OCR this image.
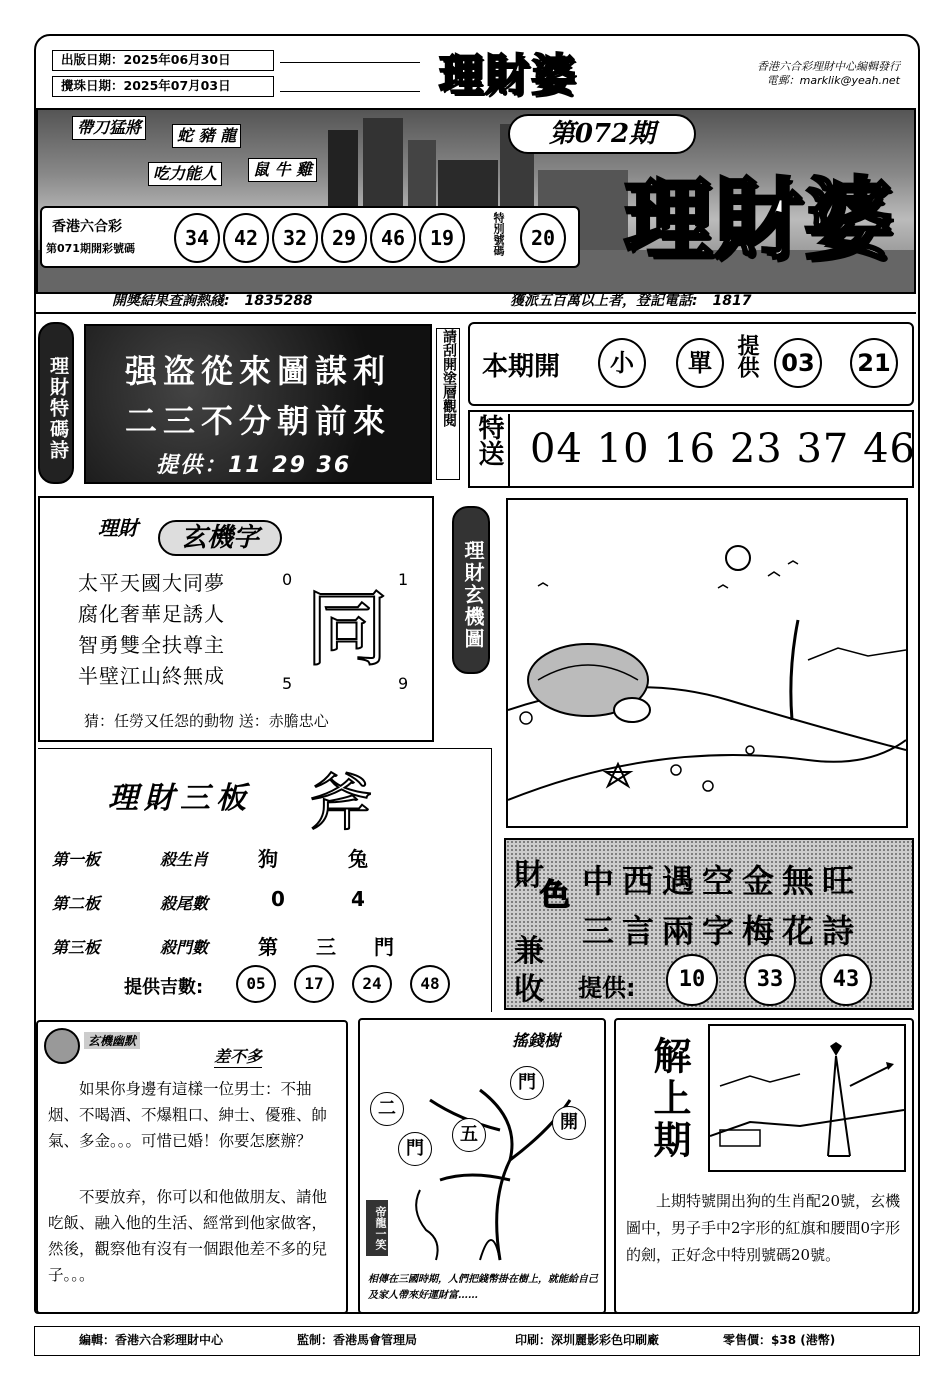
出版日期：2025年06月30日
攪珠日期：2025年07月03日	理財婆	香港六合彩理財中心編輯發行
電郵：marklik@yeah.net
帶刀猛將	蛇 豬 龍
吃力能人	鼠 牛 雞
第072期
理財婆
香港六合彩
第071期開彩號碼	34	42	32	29	46	19	特別號碼	20
開獎結果查詢熱綫: 1835288	獲派五百萬以上者，登記電話: 1817
理財特碼詩	强盗從來圖謀利
二三不分朝前來
提供：11 29 36
請刮開塗層觀閱 本期開	小	單	提供 03	21
特送 04 10 16 23 37 46
理財	玄機字
太平天國大同夢
腐化奢華足誘人
智勇雙全扶尊主
半壁江山終無成
0	1
5	9
同
猜：任勞又任怨的動物 送：赤膽忠心
理財玄機圖
理財三板 斧
第一板	殺生肖	狗	兔
第二板	殺尾數	0	4
第三板	殺門數	第	三	門
提供吉數:	05	17	24	48
財
色
兼
收
中西遇空金無旺
三言兩字梅花詩
提供:	10	33	43
玄機幽默
差不多
如果你身邊有這樣一位男士：不抽烟、不喝酒、不爆粗口、紳士、優雅、帥氣、多金。。。可惜已婚！你要怎麽辦？
不要放弃，你可以和他做朋友、請他吃飯、融入他的生活、經常到他家做客，然後，觀察他有沒有一個跟他差不多的兒子。。。
搖錢樹
二
門
五
門
開
帝龍一笑
相傳在三國時期，人們把錢幣掛在樹上，就能給自己及家人帶來好運財富……
解上期
上期特號開出狗的生肖配20號，玄機圖中，男子手中2字形的紅旗和腰間0字形的劍，正好念中特別號碼20號。
編輯：香港六合彩理財中心	監制：香港馬會管理局	印刷：深圳麗影彩色印刷廠	零售價：$38 (港幣)
